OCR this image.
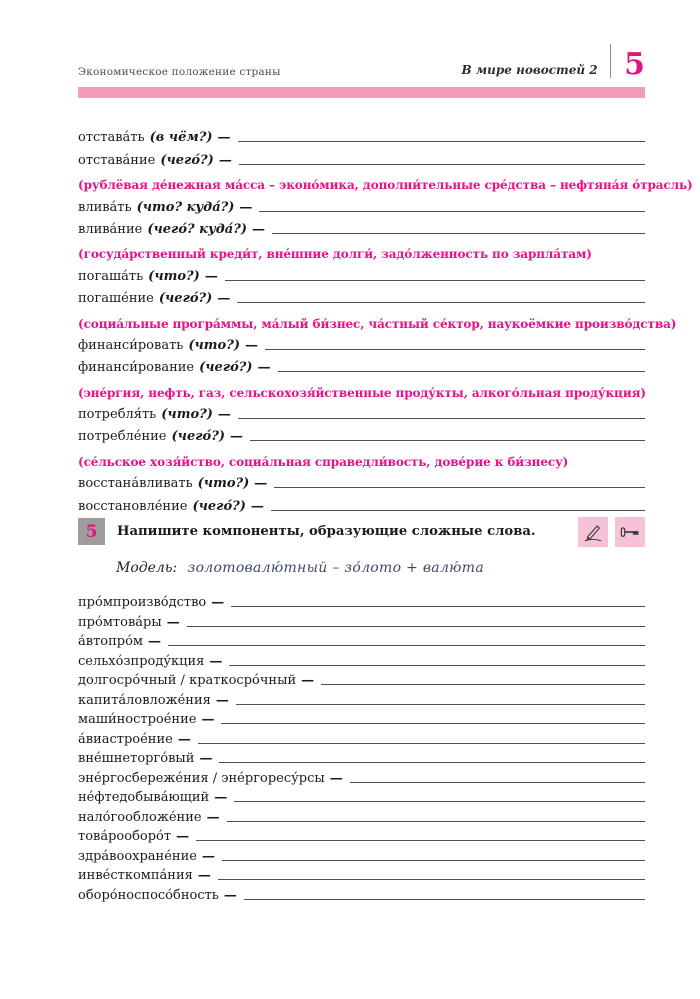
Экономическое положение страны	В мире новостей 2 5
отстава́ть (в чём?) —
отстава́ние (чего́?) —
(рублёвая де́нежная ма́сса – эконо́мика, дополни́тельные сре́дства – нефтяна́я о́трасль)
влива́ть (что? куда́?) —
влива́ние (чего́? куда́?) —
(госуда́рственный креди́т, вне́шние долги́, задо́лженность по зарпла́там)
погаша́ть (что?) —
погаше́ние (чего́?) —
(социа́льные програ́ммы, ма́лый би́знес, ча́стный се́ктор, наукоёмкие произво́дства)
финанси́ровать (что?) —
финанси́рование (чего́?) —
(эне́ргия, нефть, газ, сельскохозя́йственные проду́кты, алкого́льная проду́кция)
потребля́ть (что?) —
потребле́ние (чего́?) —
(се́льское хозя́йство, социа́льная справедли́вость, дове́рие к би́знесу)
восстана́вливать (что?) —
восстановле́ние (чего́?) —
5 Напишите компоненты, образующие сложные слова.
Модель: золотовалю́тный – зо́лото + валю́та
про́мпроизво́дство —
про́мтова́ры —
а́втопро́м —
сельхо́зпроду́кция —
долгосро́чный / краткосро́чный —
капита́ловложе́ния —
маши́нострое́ние —
а́виастрое́ние —
вне́шнеторго́вый —
эне́ргосбереже́ния / эне́ргоресу́рсы —
не́фтедобыва́ющий —
нало́гообложе́ние —
това́рооборо́т —
здра́воохране́ние —
инве́сткомпа́ния —
оборо́носпосо́бность —
